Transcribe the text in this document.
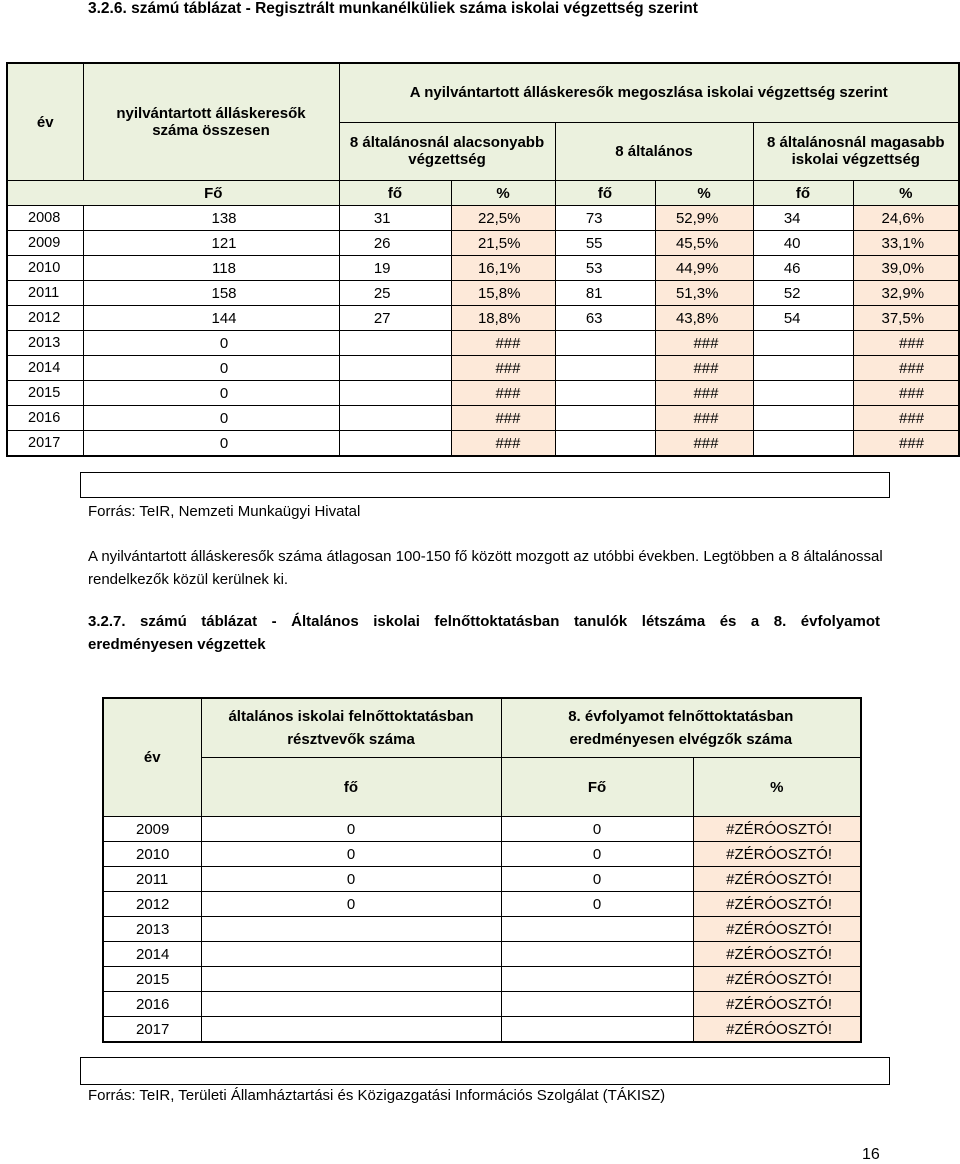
3.2.6. számú táblázat - Regisztrált munkanélküliek száma iskolai végzettség szerint
év	nyilvántartott álláskeresők száma összesen	A nyilvántartott álláskeresők megoszlása iskolai végzettség szerint					
		8 általánosnál alacsonyabb végzettség		8 általános		8 általánosnál magasabb iskolai végzettség	
Fő		fő	%	fő	%	fő	%
2008	138	31	22,5%	73	52,9%	34	24,6%
2009	121	26	21,5%	55	45,5%	40	33,1%
2010	118	19	16,1%	53	44,9%	46	39,0%
2011	158	25	15,8%	81	51,3%	52	32,9%
2012	144	27	18,8%	63	43,8%	54	37,5%
2013	0		###		###		###
2014	0		###		###		###
2015	0		###		###		###
2016	0		###		###		###
2017	0		###		###		###
Forrás: TeIR, Nemzeti Munkaügyi Hivatal
A nyilvántartott álláskeresők száma átlagosan 100-150 fő között mozgott az utóbbi években. Legtöbben a 8 általánossal rendelkezők közül kerülnek ki.
3.2.7. számú táblázat - Általános iskolai felnőttoktatásban tanulók létszáma és a 8. évfolyamot
eredményesen végzettek
év	általános iskolai felnőttoktatásban résztvevők száma	8. évfolyamot felnőttoktatásban eredményesen elvégzők száma	
	fő	Fő	%
2009	0	0	#ZÉRÓOSZTÓ!
2010	0	0	#ZÉRÓOSZTÓ!
2011	0	0	#ZÉRÓOSZTÓ!
2012	0	0	#ZÉRÓOSZTÓ!
2013			#ZÉRÓOSZTÓ!
2014			#ZÉRÓOSZTÓ!
2015			#ZÉRÓOSZTÓ!
2016			#ZÉRÓOSZTÓ!
2017			#ZÉRÓOSZTÓ!
Forrás: TeIR, Területi Államháztartási és Közigazgatási Információs Szolgálat (TÁKISZ)
16
